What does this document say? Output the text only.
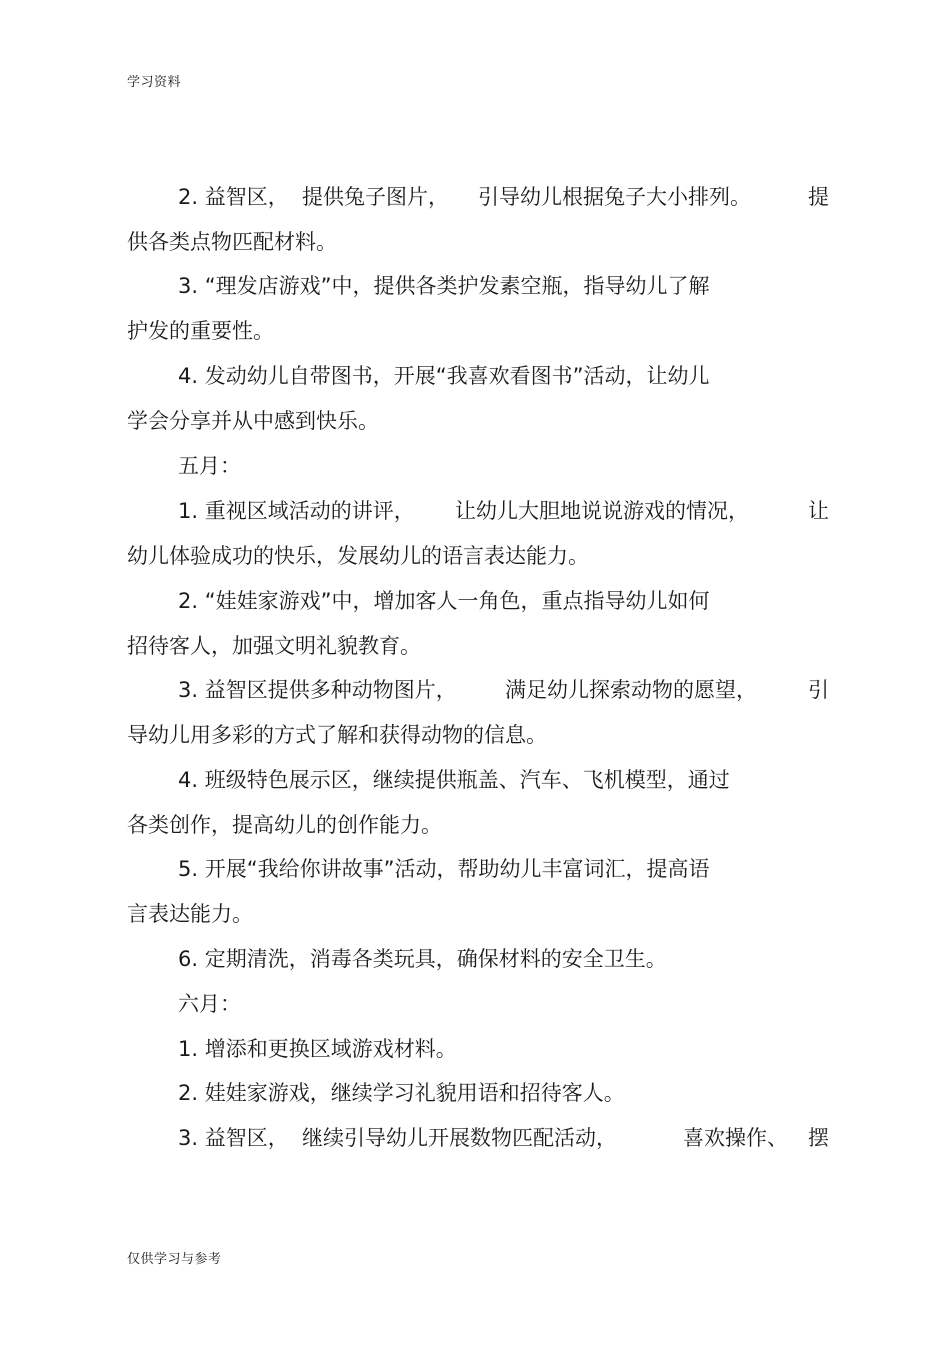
学习资料
2. 益智区， 提供兔子图片， 引导幼儿根据兔子大小排列。	提
供各类点物匹配材料。
3. “理发店游戏”中，提供各类护发素空瓶，指导幼儿了解
护发的重要性。
4. 发动幼儿自带图书，开展“我喜欢看图书”活动，让幼儿
学会分享并从中感到快乐。
五月：
1. 重视区域活动的讲评， 让幼儿大胆地说说游戏的情况，	让
幼儿体验成功的快乐，发展幼儿的语言表达能力。
2. “娃娃家游戏”中，增加客人一角色，重点指导幼儿如何
招待客人，加强文明礼貌教育。
3. 益智区提供多种动物图片， 满足幼儿探索动物的愿望， 引
导幼儿用多彩的方式了解和获得动物的信息。
4. 班级特色展示区，继续提供瓶盖、汽车、飞机模型，通过
各类创作，提高幼儿的创作能力。
5. 开展“我给你讲故事”活动，帮助幼儿丰富词汇，提高语
言表达能力。
6. 定期清洗，消毒各类玩具，确保材料的安全卫生。
六月：
1. 增添和更换区域游戏材料。
2. 娃娃家游戏，继续学习礼貌用语和招待客人。
3. 益智区， 继续引导幼儿开展数物匹配活动，	喜欢操作、 摆
仅供学习与参考
